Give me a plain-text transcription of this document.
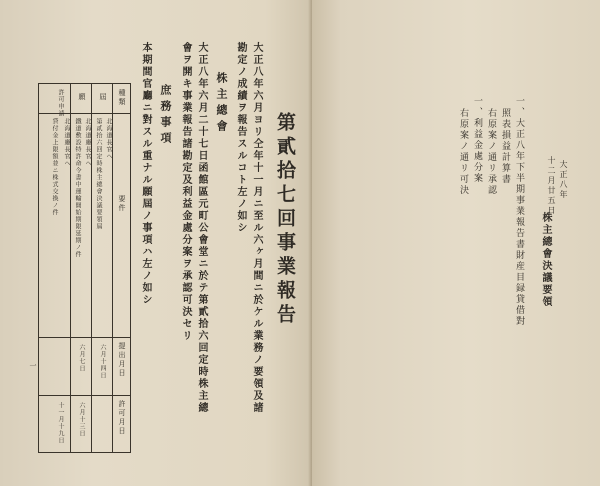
第貳拾七回事業報告
大正八年六月ヨリ仝年十一月ニ至ル六ヶ月間ニ於ケル業務ノ要領及諸
勘定ノ成績ヲ報告スルコト左ノ如シ
株主總會
大正八年六月二十七日函館區元町公會堂ニ於テ第貳拾六回定時株主總
會ヲ開キ事業報告諸勘定及利益金處分案ヲ承認可決セリ
庶務事項
本期間官廳ニ對スル重ナル願屆ノ事項ハ左ノ如シ
種類
要件
提出月日
許可月日
屆
北海道長官へ
第貳拾六回定時株主總會決議要領屆
六月十四日
願
北海道廳長官ヘ
鐵道敷設特許命令書中運輸開始期限延期ノ件
六月七日
六月十三日
許可申請
北海道廳長官へ
貸付金上限額並ニ株式交換ノ件
十一月十九日
一
大正八年
十二月廿五日
株主總會決議要領
一、大正八年下半期事業報告書財産目録貸借對
照表損益計算書
右原案ノ通リ承認
一、利益金處分案
右原案ノ通リ可決
